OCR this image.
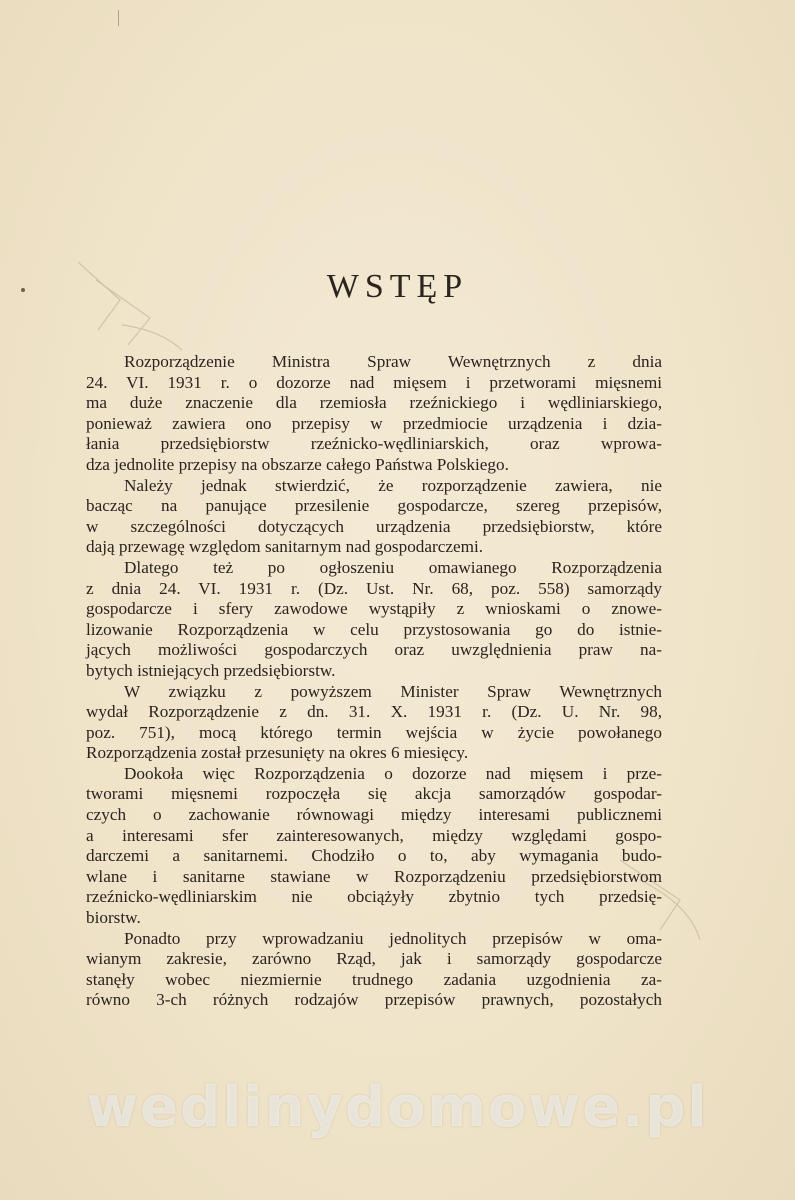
WSTĘP

Rozporządzenie Ministra Spraw Wewnętrznych z dnia
24. VI. 1931 r. o dozorze nad mięsem i przetworami mięsnemi
ma duże znaczenie dla rzemiosła rzeźnickiego i wędliniarskiego,
ponieważ zawiera ono przepisy w przedmiocie urządzenia i dzia-
łania przedsiębiorstw rzeźnicko-wędliniarskich, oraz wprowa-
dza jednolite przepisy na obszarze całego Państwa Polskiego.

Należy jednak stwierdzić, że rozporządzenie zawiera, nie
bacząc na panujące przesilenie gospodarcze, szereg przepisów,
w szczególności dotyczących urządzenia przedsiębiorstw, które
dają przewagę względom sanitarnym nad gospodarczemi.

Dlatego też po ogłoszeniu omawianego Rozporządzenia
z dnia 24. VI. 1931 r. (Dz. Ust. Nr. 68, poz. 558) samorządy
gospodarcze i sfery zawodowe wystąpiły z wnioskami o znowe-
lizowanie Rozporządzenia w celu przystosowania go do istnie-
jących możliwości gospodarczych oraz uwzględnienia praw na-
bytych istniejących przedsiębiorstw.

W związku z powyższem Minister Spraw Wewnętrznych
wydał Rozporządzenie z dn. 31. X. 1931 r. (Dz. U. Nr. 98,
poz. 751), mocą którego termin wejścia w życie powołanego
Rozporządzenia został przesunięty na okres 6 miesięcy.

Dookoła więc Rozporządzenia o dozorze nad mięsem i prze-
tworami mięsnemi rozpoczęła się akcja samorządów gospodar-
czych o zachowanie równowagi między interesami publicznemi
a interesami sfer zainteresowanych, między względami gospo-
darczemi a sanitarnemi. Chodziło o to, aby wymagania budo-
wlane i sanitarne stawiane w Rozporządzeniu przedsiębiorstwom
rzeźnicko-wędliniarskim nie obciążyły zbytnio tych przedsię-
biorstw.

Ponadto przy wprowadzaniu jednolitych przepisów w oma-
wianym zakresie, zarówno Rząd, jak i samorządy gospodarcze
stanęły wobec niezmiernie trudnego zadania uzgodnienia za-
równo 3-ch różnych rodzajów przepisów prawnych, pozostałych

wedlinydomowe.pl
